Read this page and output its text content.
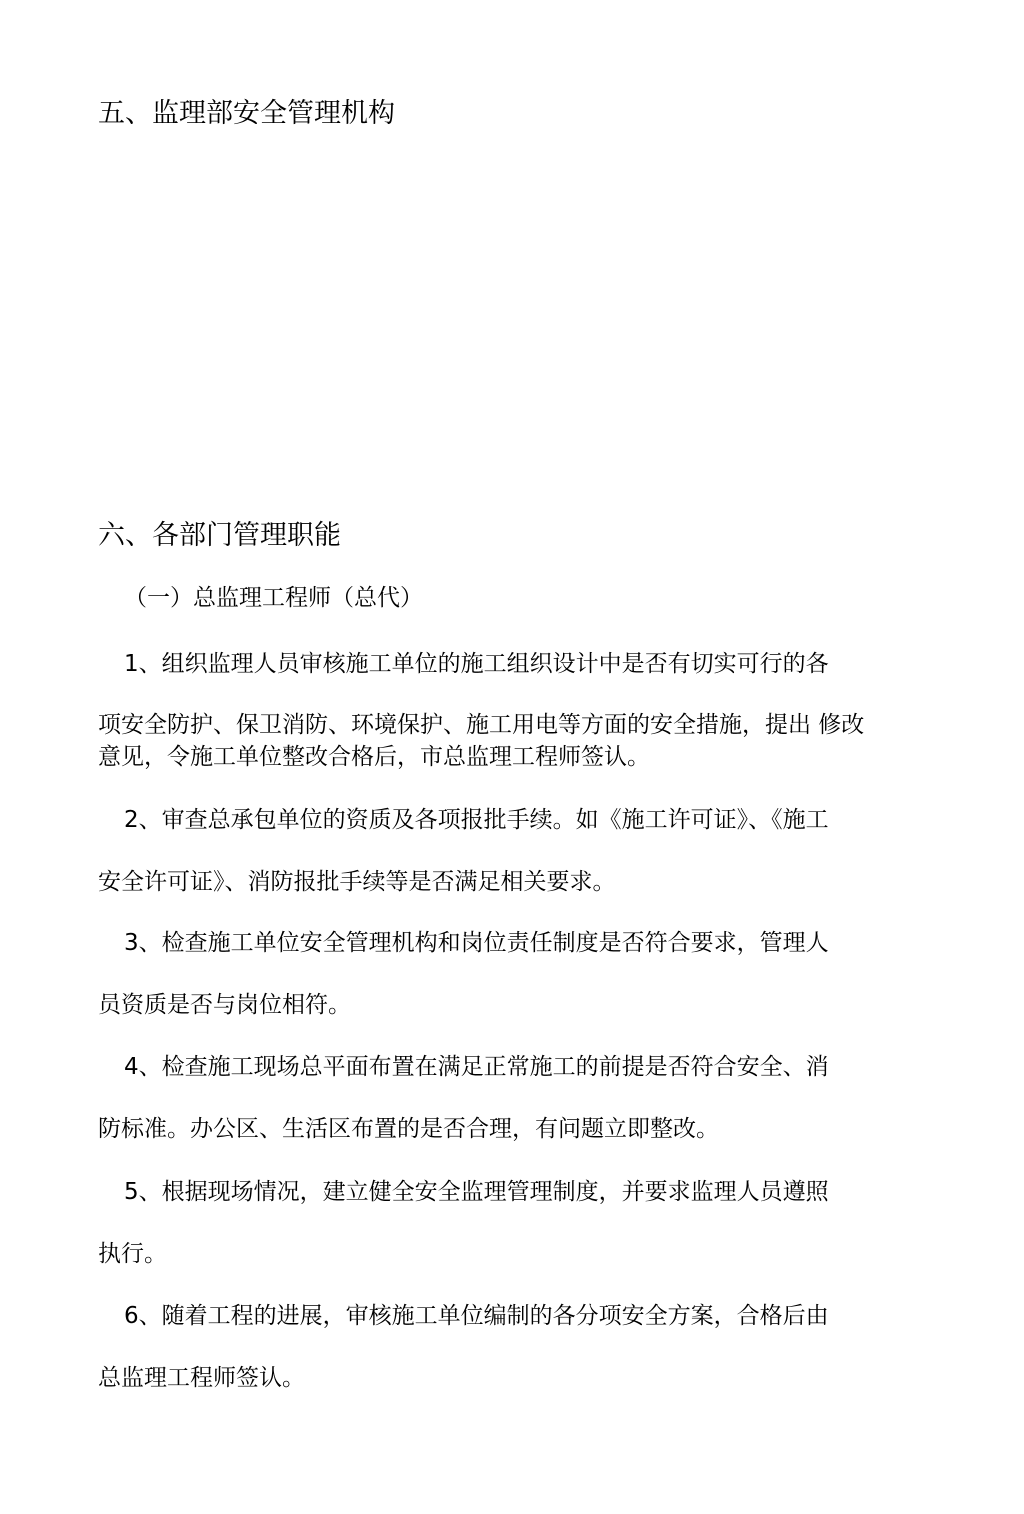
五、监理部安全管理机构
六、各部门管理职能
（一）总监理工程师（总代）
1、组织监理人员审核施工单位的施工组织设计中是否有切实可行的各
项安全防护、保卫消防、环境保护、施工用电等方面的安全措施，提出 修改
意见，令施工单位整改合格后，市总监理工程师签认。
2、审查总承包单位的资质及各项报批手续。如《施工许可证》、《施工
安全许可证》、消防报批手续等是否满足相关要求。
3、检查施工单位安全管理机构和岗位责任制度是否符合要求，管理人
员资质是否与岗位相符。
4、检查施工现场总平面布置在满足正常施工的前提是否符合安全、消
防标准。办公区、生活区布置的是否合理，有问题立即整改。
5、根据现场情况，建立健全安全监理管理制度，并要求监理人员遵照
执行。
6、随着工程的进展，审核施工单位编制的各分项安全方案，合格后由
总监理工程师签认。
